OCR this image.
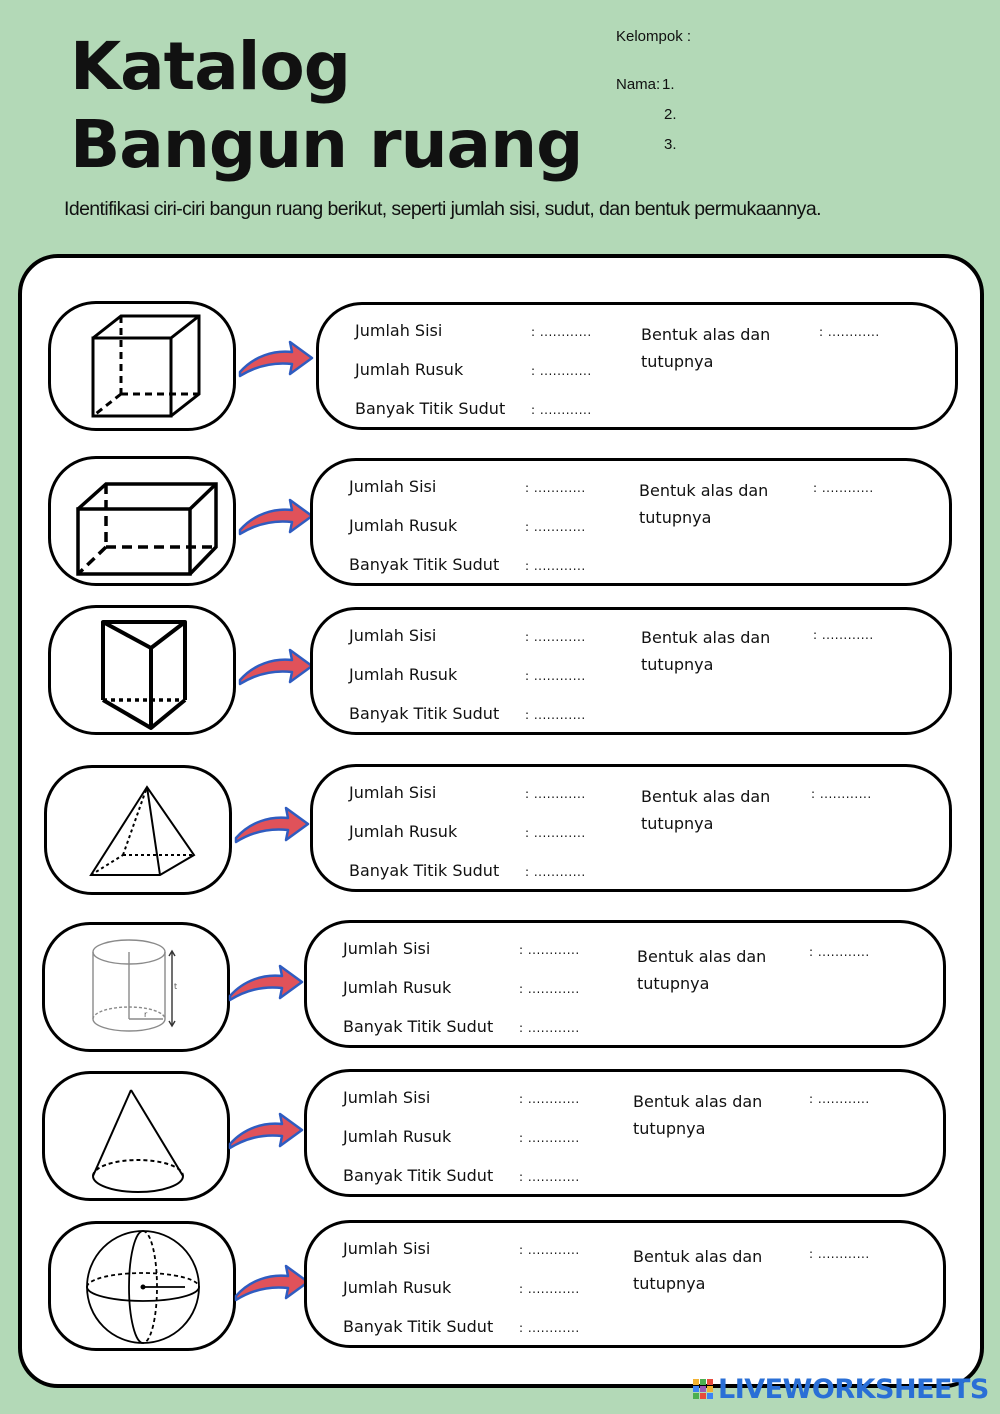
Katalog
Bangun ruang
Kelompok :
Nama: 1.
2.
3.
Identifikasi ciri-ciri bangun ruang berikut, seperti jumlah sisi, sudut, dan bentuk permukaannya.
Jumlah Sisi
Jumlah Rusuk
Banyak Titik Sudut
: ............
: ............
: ............
Bentuk alas dan tutupnya
: ............
Jumlah Sisi
Jumlah Rusuk
Banyak Titik Sudut
: ............
: ............
: ............
Bentuk alas dan tutupnya
: ............
Jumlah Sisi
Jumlah Rusuk
Banyak Titik Sudut
: ............
: ............
: ............
Bentuk alas dan tutupnya
: ............
Jumlah Sisi
Jumlah Rusuk
Banyak Titik Sudut
: ............
: ............
: ............
Bentuk alas dan tutupnya
: ............
t
r
Jumlah Sisi
Jumlah Rusuk
Banyak Titik Sudut
: ............
: ............
: ............
Bentuk alas dan tutupnya
: ............
Jumlah Sisi
Jumlah Rusuk
Banyak Titik Sudut
: ............
: ............
: ............
Bentuk alas dan tutupnya
: ............
Jumlah Sisi
Jumlah Rusuk
Banyak Titik Sudut
: ............
: ............
: ............
Bentuk alas dan tutupnya
: ............
LIVEWORKSHEETS
